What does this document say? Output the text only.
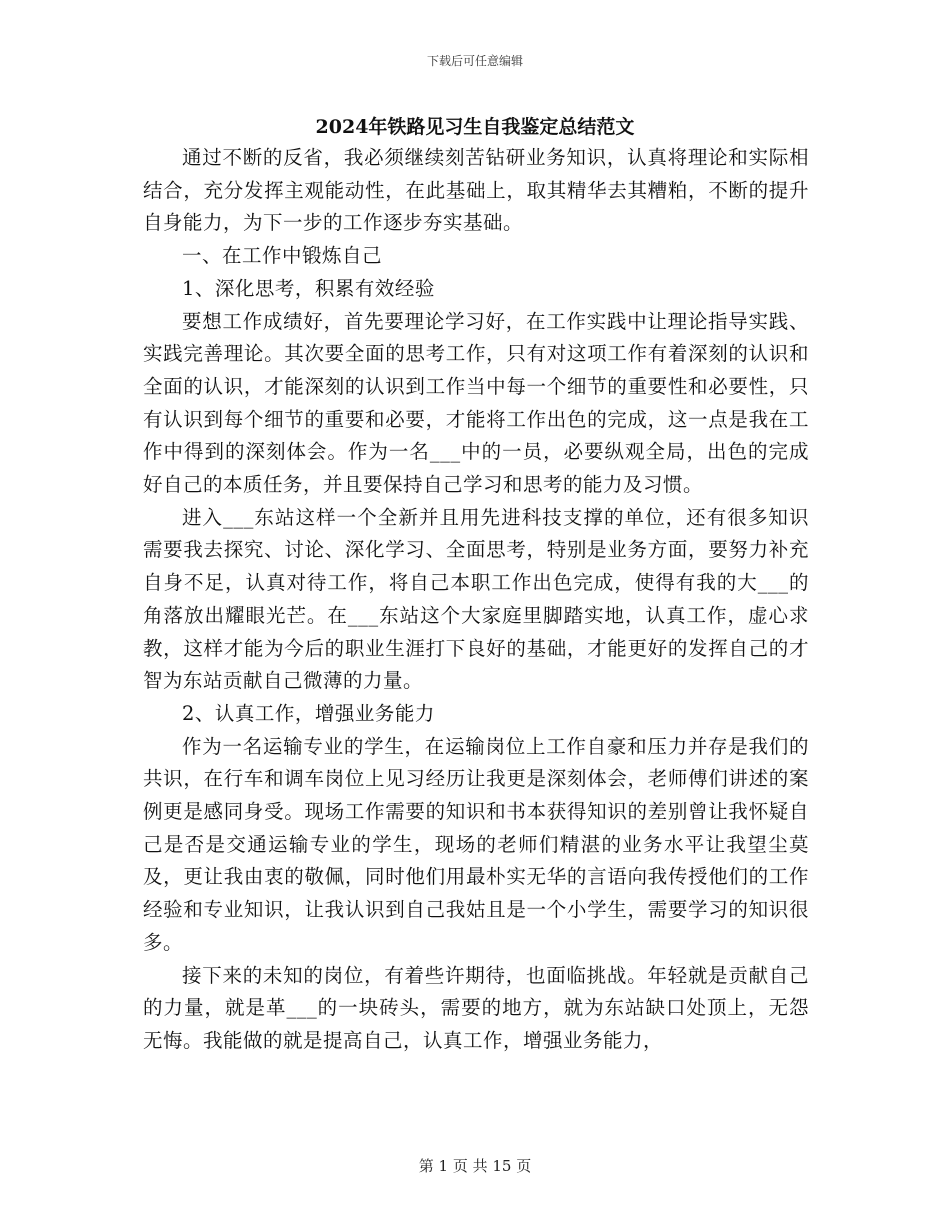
下载后可任意编辑
2024年铁路见习生自我鉴定总结范文

通过不断的反省，我必须继续刻苦钻研业务知识，认真将理论和实际相结合，充分发挥主观能动性，在此基础上，取其精华去其糟粕，不断的提升自身能力，为下一步的工作逐步夯实基础。

一、在工作中锻炼自己

1、深化思考，积累有效经验

要想工作成绩好，首先要理论学习好，在工作实践中让理论指导实践、实践完善理论。其次要全面的思考工作，只有对这项工作有着深刻的认识和全面的认识，才能深刻的认识到工作当中每一个细节的重要性和必要性，只有认识到每个细节的重要和必要，才能将工作出色的完成，这一点是我在工作中得到的深刻体会。作为一名___中的一员，必要纵观全局，出色的完成好自己的本质任务，并且要保持自己学习和思考的能力及习惯。

进入___东站这样一个全新并且用先进科技支撑的单位，还有很多知识需要我去探究、讨论、深化学习、全面思考，特别是业务方面，要努力补充自身不足，认真对待工作，将自己本职工作出色完成，使得有我的大___的角落放出耀眼光芒。在___东站这个大家庭里脚踏实地，认真工作，虚心求教，这样才能为今后的职业生涯打下良好的基础，才能更好的发挥自己的才智为东站贡献自己微薄的力量。

2、认真工作，增强业务能力

作为一名运输专业的学生，在运输岗位上工作自豪和压力并存是我们的共识，在行车和调车岗位上见习经历让我更是深刻体会，老师傅们讲述的案例更是感同身受。现场工作需要的知识和书本获得知识的差别曾让我怀疑自己是否是交通运输专业的学生，现场的老师们精湛的业务水平让我望尘莫及，更让我由衷的敬佩，同时他们用最朴实无华的言语向我传授他们的工作经验和专业知识，让我认识到自己我姑且是一个小学生，需要学习的知识很多。

接下来的未知的岗位，有着些许期待，也面临挑战。年轻就是贡献自己的力量，就是革___的一块砖头，需要的地方，就为东站缺口处顶上，无怨无悔。我能做的就是提高自己，认真工作，增强业务能力，

第 1 页 共 15 页
